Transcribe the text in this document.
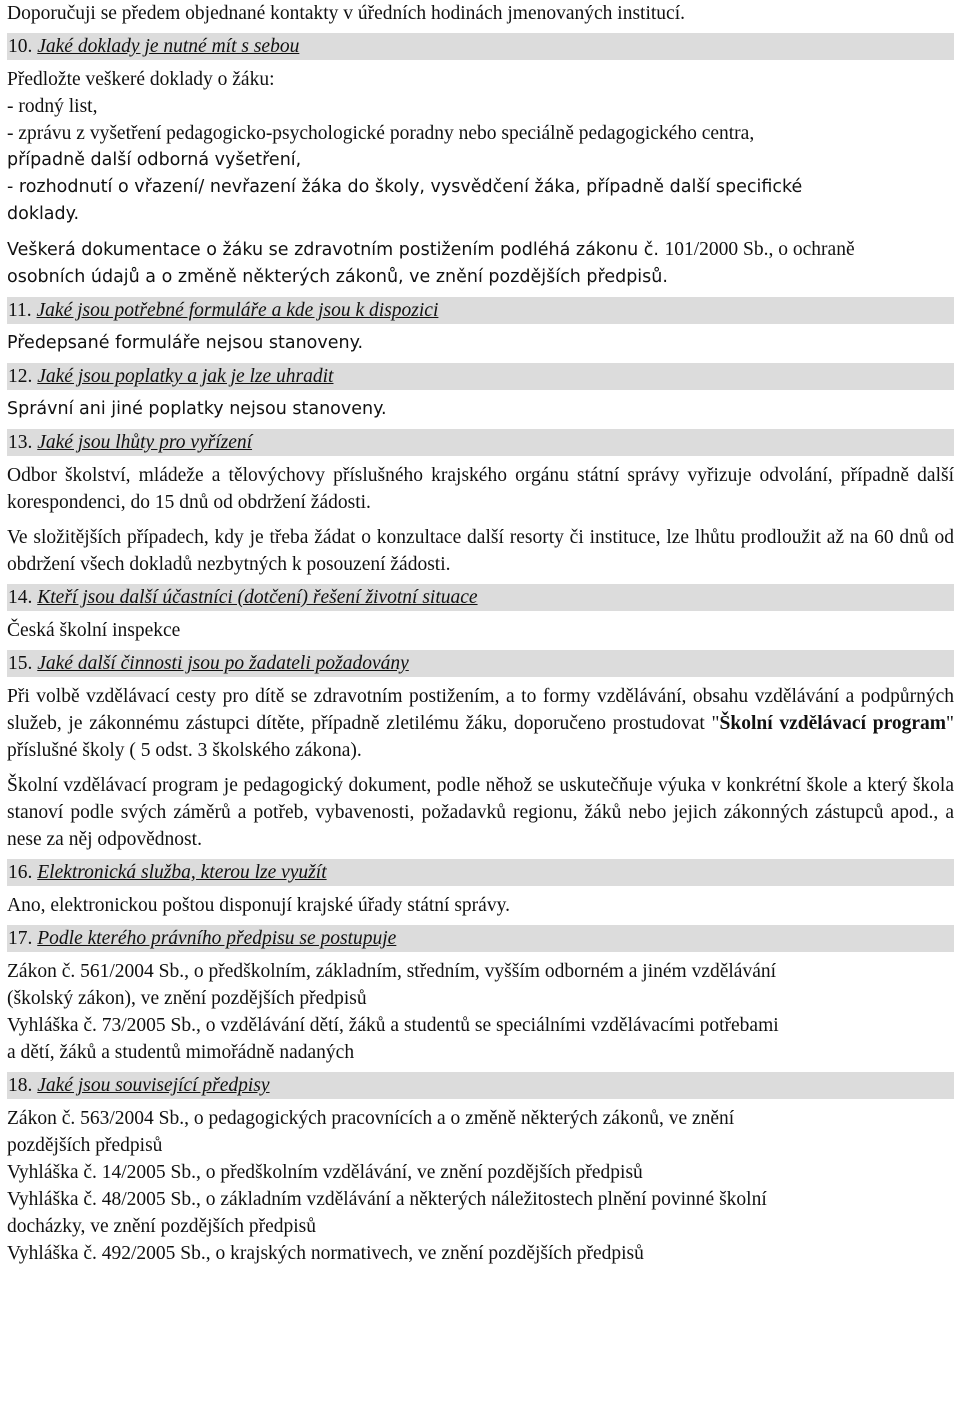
Doporučuji se předem objednané kontakty v úředních hodinách jmenovaných institucí.

10. Jaké doklady je nutné mít s sebou

Předložte veškeré doklady o žáku:

- rodný list,

- zprávu z vyšetření pedagogicko-psychologické poradny nebo speciálně pedagogického centra,

případně další odborná vyšetření,

- rozhodnutí o vřazení/ nevřazení žáka do školy, vysvědčení žáka, případně další specifické

doklady.

Veškerá dokumentace o žáku se zdravotním postižením podléhá zákonu č. 101/2000 Sb., o ochraně

osobních údajů a o změně některých zákonů, ve znění pozdějších předpisů.

11. Jaké jsou potřebné formuláře a kde jsou k dispozici

Předepsané formuláře nejsou stanoveny.

12. Jaké jsou poplatky a jak je lze uhradit

Správní ani jiné poplatky nejsou stanoveny.

13. Jaké jsou lhůty pro vyřízení

Odbor školství, mládeže a tělovýchovy příslušného krajského orgánu státní správy vyřizuje odvolání, případně další korespondenci, do 15 dnů od obdržení žádosti.

Ve složitějších případech, kdy je třeba žádat o konzultace další resorty či instituce, lze lhůtu prodloužit až na 60 dnů od obdržení všech dokladů nezbytných k posouzení žádosti.

14. Kteří jsou další účastníci (dotčení) řešení životní situace

Česká školní inspekce

15. Jaké další činnosti jsou po žadateli požadovány

Při volbě vzdělávací cesty pro dítě se zdravotním postižením, a to formy vzdělávání, obsahu vzdělávání a podpůrných služeb, je zákonnému zástupci dítěte, případně zletilému žáku, doporučeno prostudovat "Školní vzdělávací program" příslušné školy ( 5 odst. 3 školského zákona).

Školní vzdělávací program je pedagogický dokument, podle něhož se uskutečňuje výuka v konkrétní škole a který škola stanoví podle svých záměrů a potřeb, vybavenosti, požadavků regionu, žáků nebo jejich zákonných zástupců apod., a nese za něj odpovědnost.

16. Elektronická služba, kterou lze využít

Ano, elektronickou poštou disponují krajské úřady státní správy.

17. Podle kterého právního předpisu se postupuje

Zákon č. 561/2004 Sb., o předškolním, základním, středním, vyšším odborném a jiném vzdělávání

(školský zákon), ve znění pozdějších předpisů

Vyhláška č. 73/2005 Sb., o vzdělávání dětí, žáků a studentů se speciálními vzdělávacími potřebami

a dětí, žáků a studentů mimořádně nadaných

18. Jaké jsou související předpisy

Zákon č. 563/2004 Sb., o pedagogických pracovnících a o změně některých zákonů, ve znění

pozdějších předpisů

Vyhláška č. 14/2005 Sb., o předškolním vzdělávání, ve znění pozdějších předpisů

Vyhláška č. 48/2005 Sb., o základním vzdělávání a některých náležitostech plnění povinné školní

docházky, ve znění pozdějších předpisů

Vyhláška č. 492/2005 Sb., o krajských normativech, ve znění pozdějších předpisů
